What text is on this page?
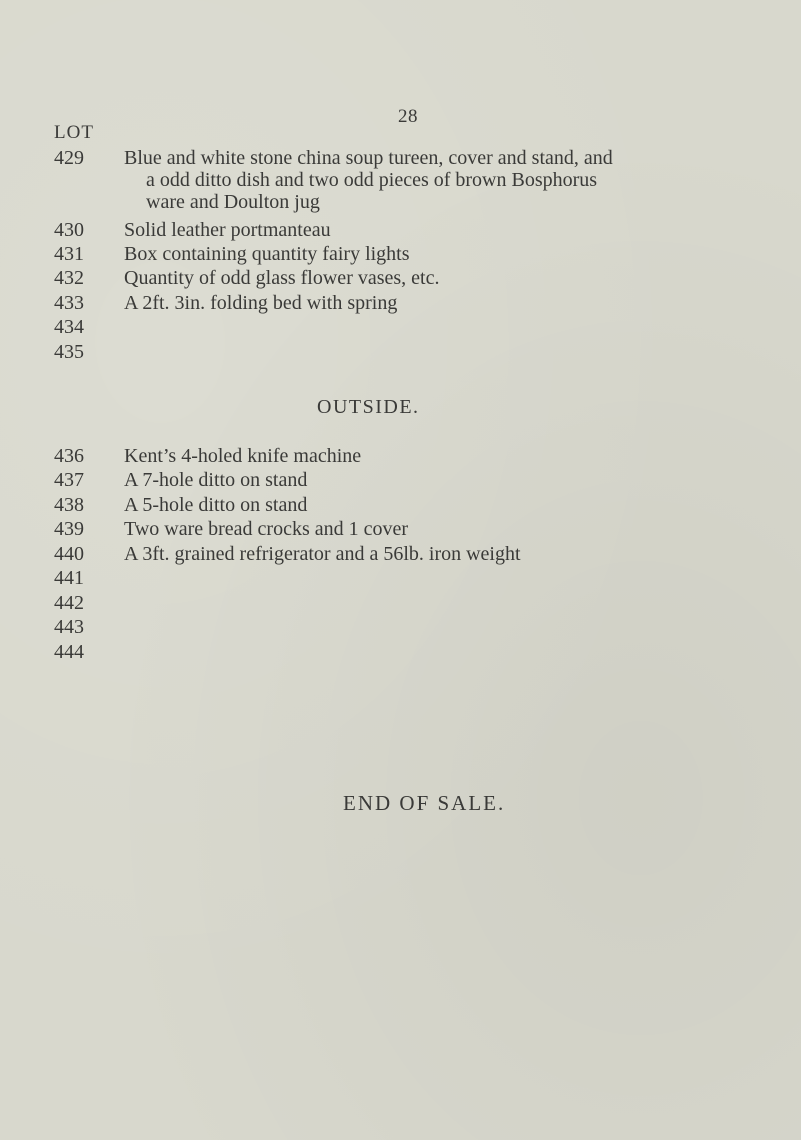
28
LOT
429	Blue and white stone china soup tureen, cover and stand, and
a odd ditto dish and two odd pieces of brown Bosphorus
ware and Doulton jug
430	Solid leather portmanteau
431	Box containing quantity fairy lights
432	Quantity of odd glass flower vases, etc.
433	A 2ft. 3in. folding bed with spring
434
435
OUTSIDE.
436	Kent’s 4-holed knife machine
437	A 7-hole ditto on stand
438	A 5-hole ditto on stand
439	Two ware bread crocks and 1 cover
440	A 3ft. grained refrigerator and a 56lb. iron weight
441
442
443
444
END OF SALE.
